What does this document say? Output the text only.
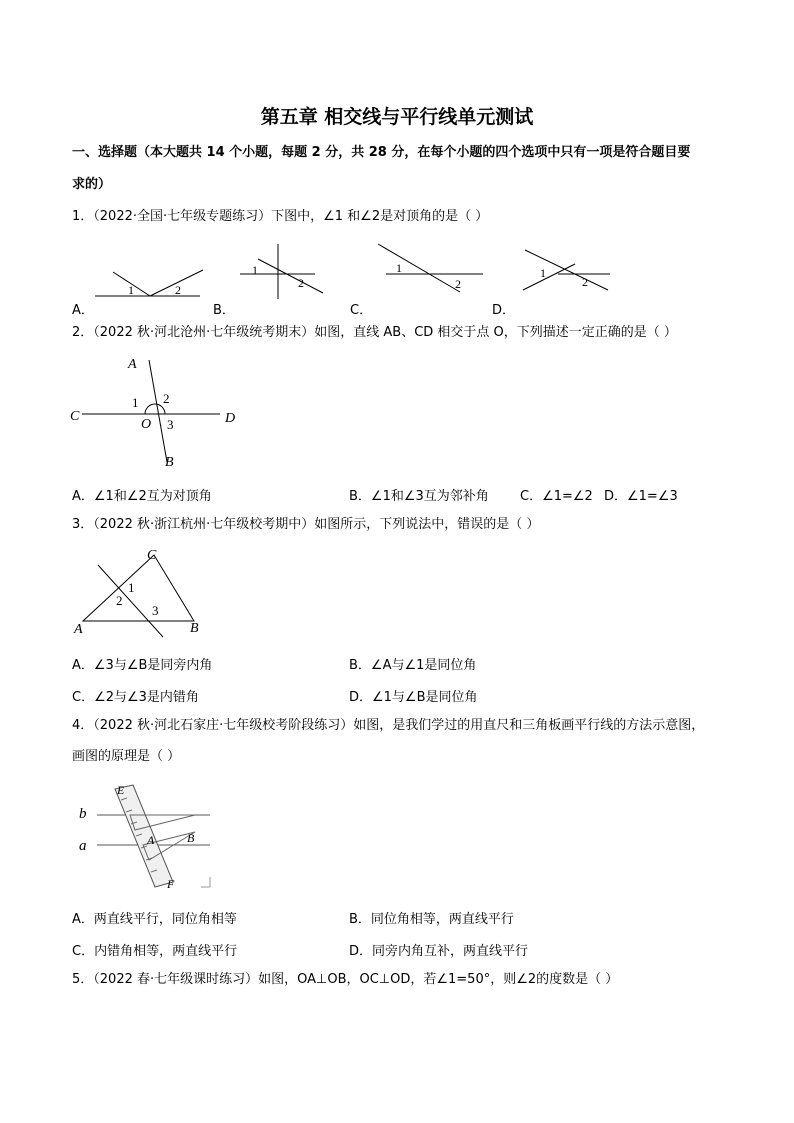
第五章 相交线与平行线单元测试
一、选择题（本大题共 14 个小题，每题 2 分，共 28 分，在每个小题的四个选项中只有一项是符合题目要
求的）
1．（2022·全国·七年级专题练习）下图中，∠1 和∠2是对顶角的是（ ）
A．	B．	C．	D．
1	2
1
2
1
2
1
2
2．（2022 秋·河北沧州·七年级统考期末）如图，直线 AB、CD 相交于点 O，下列描述一定正确的是（ ）
A
B
C	D
O
1 2
3
A．∠1和∠2互为对顶角	B．∠1和∠3互为邻补角 C．∠1=∠2 D．∠1=∠3
3．（2022 秋·浙江杭州·七年级校考期中）如图所示，下列说法中，错误的是（ ）
A	B
C
1
2
3
A．∠3与∠B是同旁内角	B．∠A与∠1是同位角
C．∠2与∠3是内错角	D．∠1与∠B是同位角
4．（2022 秋·河北石家庄·七年级校考阶段练习）如图，是我们学过的用直尺和三角板画平行线的方法示意图，
画图的原理是（ ）
b
a
E
F
A	B
A．两直线平行，同位角相等	B．同位角相等，两直线平行
C．内错角相等，两直线平行	D．同旁内角互补，两直线平行
5．（2022 春·七年级课时练习）如图，OA⊥OB，OC⊥OD，若∠1=50°，则∠2的度数是（ ）
